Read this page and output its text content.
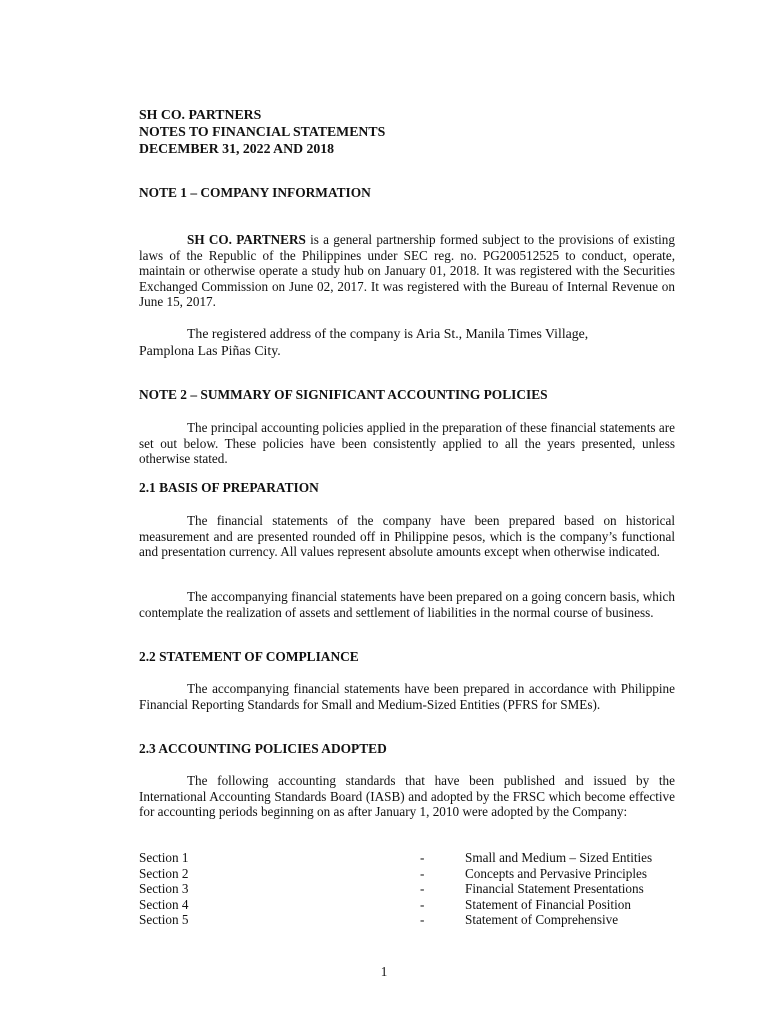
SH CO. PARTNERS
NOTES TO FINANCIAL STATEMENTS
DECEMBER 31, 2022 AND 2018
NOTE 1 – COMPANY INFORMATION
SH CO. PARTNERS is a general partnership formed subject to the provisions of existing laws of the Republic of the Philippines under SEC reg. no. PG200512525 to conduct, operate, maintain or otherwise operate a study hub on January 01, 2018. It was registered with the Securities Exchanged Commission on June 02, 2017. It was registered with the Bureau of Internal Revenue on June 15, 2017.
The registered address of the company is Aria St., Manila Times Village,
Pamplona Las Piñas City.
NOTE 2 – SUMMARY OF SIGNIFICANT ACCOUNTING POLICIES
The principal accounting policies applied in the preparation of these financial statements are set out below. These policies have been consistently applied to all the years presented, unless otherwise stated.
2.1 BASIS OF PREPARATION
The financial statements of the company have been prepared based on historical measurement and are presented rounded off in Philippine pesos, which is the company’s functional and presentation currency. All values represent absolute amounts except when otherwise indicated.
The accompanying financial statements have been prepared on a going concern basis, which contemplate the realization of assets and settlement of liabilities in the normal course of business.
2.2 STATEMENT OF COMPLIANCE
The accompanying financial statements have been prepared in accordance with Philippine Financial Reporting Standards for Small and Medium-Sized Entities (PFRS for SMEs).
2.3 ACCOUNTING POLICIES ADOPTED
The following accounting standards that have been published and issued by the International Accounting Standards Board (IASB) and adopted by the FRSC which become effective for accounting periods beginning on as after January 1, 2010 were adopted by the Company:
Section 1	-	Small and Medium – Sized Entities
Section 2	-	Concepts and Pervasive Principles
Section 3	-	Financial Statement Presentations
Section 4	-	Statement of Financial Position
Section 5	-	Statement of Comprehensive
1
